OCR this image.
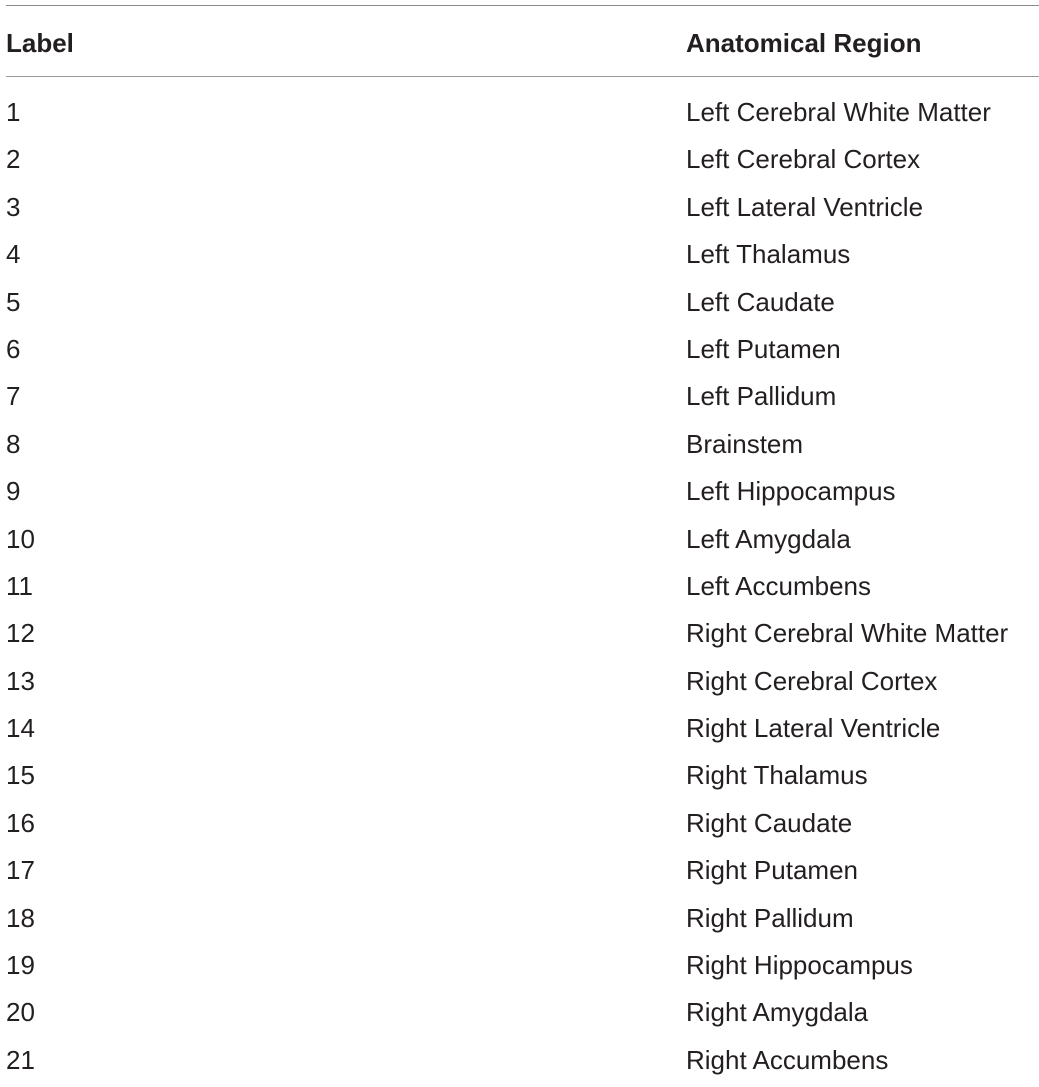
Label	Anatomical Region
1	Left Cerebral White Matter
2	Left Cerebral Cortex
3	Left Lateral Ventricle
4	Left Thalamus
5	Left Caudate
6	Left Putamen
7	Left Pallidum
8	Brainstem
9	Left Hippocampus
10	Left Amygdala
11	Left Accumbens
12	Right Cerebral White Matter
13	Right Cerebral Cortex
14	Right Lateral Ventricle
15	Right Thalamus
16	Right Caudate
17	Right Putamen
18	Right Pallidum
19	Right Hippocampus
20	Right Amygdala
21	Right Accumbens
